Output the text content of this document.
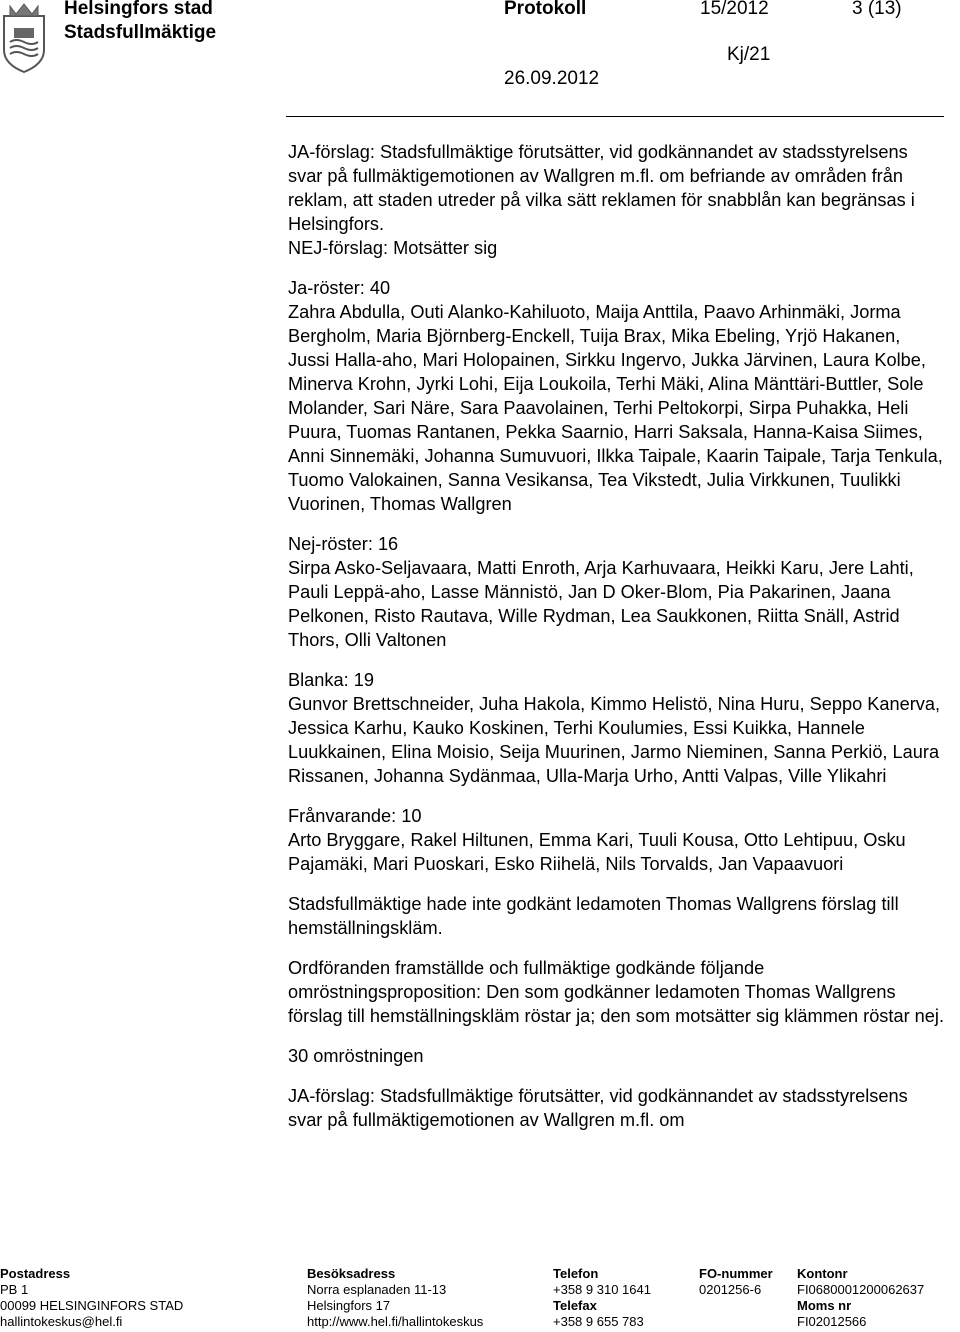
Helsingfors stad
Stadsfullmäktige
Protokoll	15/2012	3 (13)
Kj/21
26.09.2012

JA-förslag: Stadsfullmäktige förutsätter, vid godkännandet av stadsstyrelsens svar på fullmäktigemotionen av Wallgren m.fl. om befriande av områden från reklam, att staden utreder på vilka sätt reklamen för snabblån kan begränsas i Helsingfors.

NEJ-förslag: Motsätter sig

Ja-röster: 40

Zahra Abdulla, Outi Alanko-Kahiluoto, Maija Anttila, Paavo Arhinmäki, Jorma Bergholm, Maria Björnberg-Enckell, Tuija Brax, Mika Ebeling, Yrjö Hakanen, Jussi Halla-aho, Mari Holopainen, Sirkku Ingervo, Jukka Järvinen, Laura Kolbe, Minerva Krohn, Jyrki Lohi, Eija Loukoila, Terhi Mäki, Alina Mänttäri-Buttler, Sole Molander, Sari Näre, Sara Paavolainen, Terhi Peltokorpi, Sirpa Puhakka, Heli Puura, Tuomas Rantanen, Pekka Saarnio, Harri Saksala, Hanna-Kaisa Siimes, Anni Sinnemäki, Johanna Sumuvuori, Ilkka Taipale, Kaarin Taipale, Tarja Tenkula, Tuomo Valokainen, Sanna Vesikansa, Tea Vikstedt, Julia Virkkunen, Tuulikki Vuorinen, Thomas Wallgren

Nej-röster: 16

Sirpa Asko-Seljavaara, Matti Enroth, Arja Karhuvaara, Heikki Karu, Jere Lahti, Pauli Leppä-aho, Lasse Männistö, Jan D Oker-Blom, Pia Pakarinen, Jaana Pelkonen, Risto Rautava, Wille Rydman, Lea Saukkonen, Riitta Snäll, Astrid Thors, Olli Valtonen

Blanka: 19

Gunvor Brettschneider, Juha Hakola, Kimmo Helistö, Nina Huru, Seppo Kanerva, Jessica Karhu, Kauko Koskinen, Terhi Koulumies, Essi Kuikka, Hannele Luukkainen, Elina Moisio, Seija Muurinen, Jarmo Nieminen, Sanna Perkiö, Laura Rissanen, Johanna Sydänmaa, Ulla-Marja Urho, Antti Valpas, Ville Ylikahri

Frånvarande: 10

Arto Bryggare, Rakel Hiltunen, Emma Kari, Tuuli Kousa, Otto Lehtipuu, Osku Pajamäki, Mari Puoskari, Esko Riihelä, Nils Torvalds, Jan Vapaavuori

Stadsfullmäktige hade inte godkänt ledamoten Thomas Wallgrens förslag till hemställningskläm.

Ordföranden framställde och fullmäktige godkände följande omröstningsproposition: Den som godkänner ledamoten Thomas Wallgrens förslag till hemställningskläm röstar ja; den som motsätter sig klämmen röstar nej.

30 omröstningen

JA-förslag: Stadsfullmäktige förutsätter, vid godkännandet av stadsstyrelsens svar på fullmäktigemotionen av Wallgren m.fl. om

Postadress
PB 1
00099 HELSINGINFORS STAD
hallintokeskus@hel.fi
Besöksadress
Norra esplanaden 11-13
Helsingfors 17
http://www.hel.fi/hallintokeskus
Telefon
+358 9 310 1641
Telefax
+358 9 655 783
FO-nummer
0201256-6
Kontonr
FI0680001200062637
Moms nr
FI02012566
